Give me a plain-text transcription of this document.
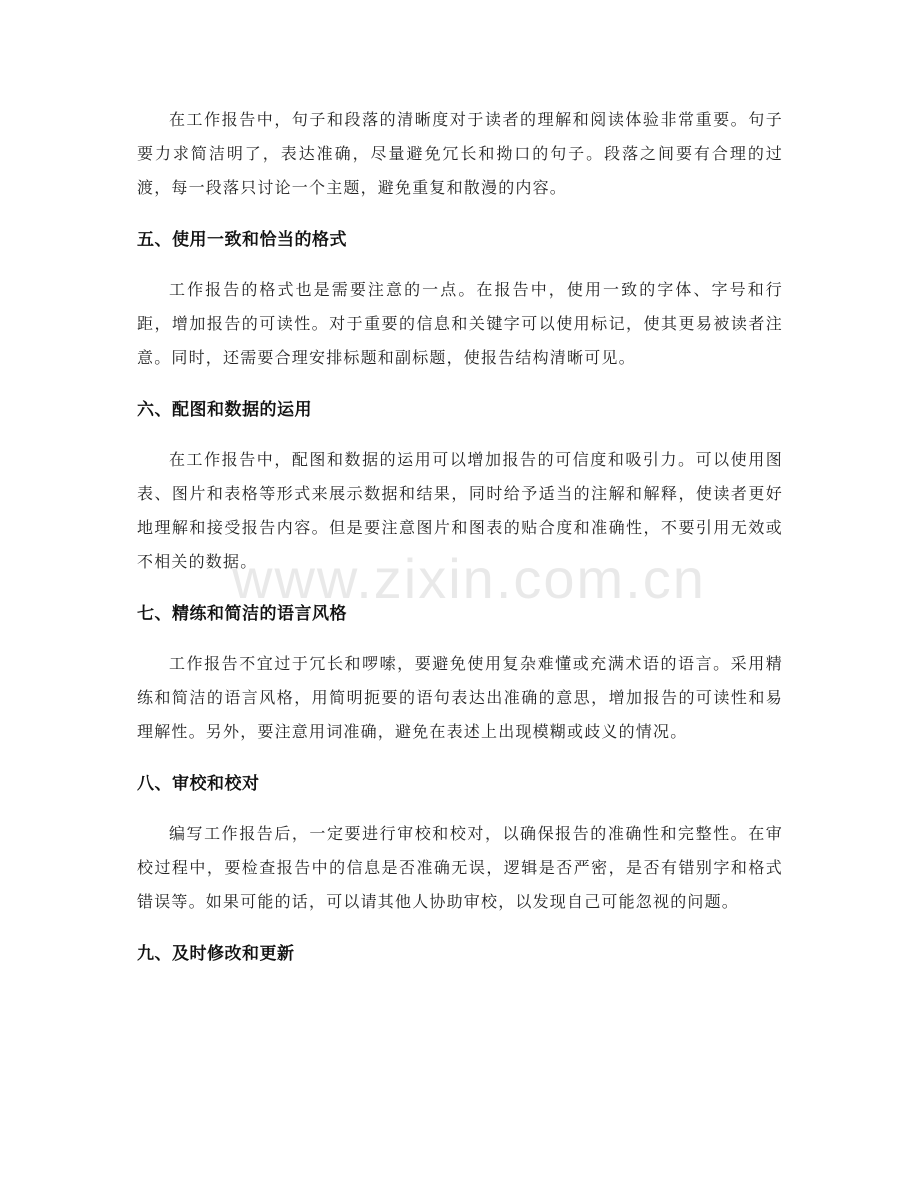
在工作报告中，句子和段落的清晰度对于读者的理解和阅读体验非常重要。句子要力求简洁明了，表达准确，尽量避免冗长和拗口的句子。段落之间要有合理的过渡，每一段落只讨论一个主题，避免重复和散漫的内容。

五、使用一致和恰当的格式

工作报告的格式也是需要注意的一点。在报告中，使用一致的字体、字号和行距，增加报告的可读性。对于重要的信息和关键字可以使用标记，使其更易被读者注意。同时，还需要合理安排标题和副标题，使报告结构清晰可见。

六、配图和数据的运用

在工作报告中，配图和数据的运用可以增加报告的可信度和吸引力。可以使用图表、图片和表格等形式来展示数据和结果，同时给予适当的注解和解释，使读者更好地理解和接受报告内容。但是要注意图片和图表的贴合度和准确性，不要引用无效或不相关的数据。

七、精练和简洁的语言风格

工作报告不宜过于冗长和啰嗦，要避免使用复杂难懂或充满术语的语言。采用精练和简洁的语言风格，用简明扼要的语句表达出准确的意思，增加报告的可读性和易理解性。另外，要注意用词准确，避免在表述上出现模糊或歧义的情况。

八、审校和校对

编写工作报告后，一定要进行审校和校对，以确保报告的准确性和完整性。在审校过程中，要检查报告中的信息是否准确无误，逻辑是否严密，是否有错别字和格式错误等。如果可能的话，可以请其他人协助审校，以发现自己可能忽视的问题。

九、及时修改和更新
www.zixin.com.cn
